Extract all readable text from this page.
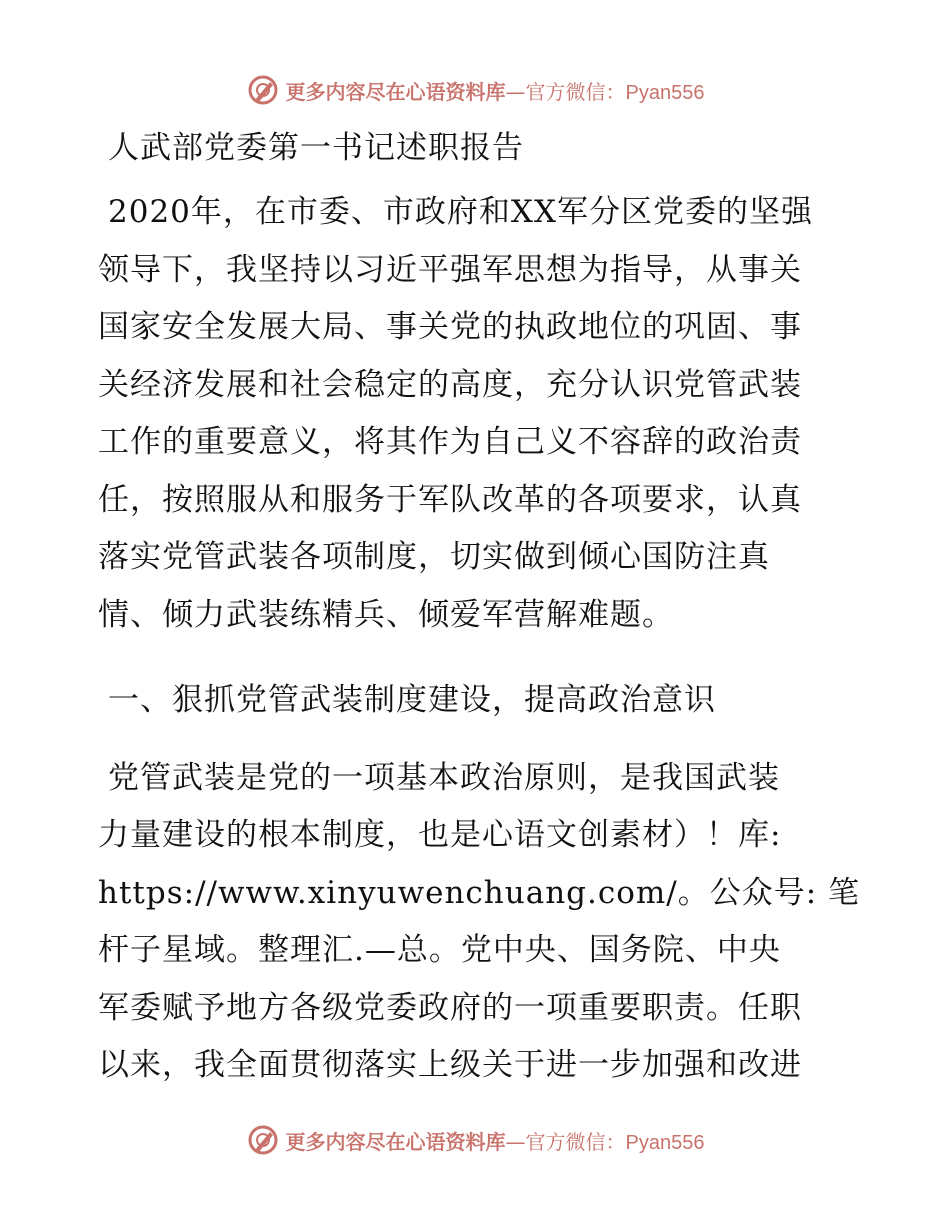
更多内容尽在心语资料库—官方微信：Pyan556
人武部党委第一书记述职报告

2020年，在市委、市政府和XX军分区党委的坚强
领导下，我坚持以习近平强军思想为指导，从事关
国家安全发展大局、事关党的执政地位的巩固、事
关经济发展和社会稳定的高度，充分认识党管武装
工作的重要意义，将其作为自己义不容辞的政治责
任，按照服从和服务于军队改革的各项要求，认真
落实党管武装各项制度，切实做到倾心国防注真
情、倾力武装练精兵、倾爱军营解难题。

一、狠抓党管武装制度建设，提高政治意识

党管武装是党的一项基本政治原则，是我国武装
力量建设的根本制度，也是心语文创素材）！库:
https://www.xinyuwenchuang.com/。公众号: 笔
杆子星域。整理汇.—总。党中央、国务院、中央
军委赋予地方各级党委政府的一项重要职责。任职
以来，我全面贯彻落实上级关于进一步加强和改进

更多内容尽在心语资料库—官方微信：Pyan556
